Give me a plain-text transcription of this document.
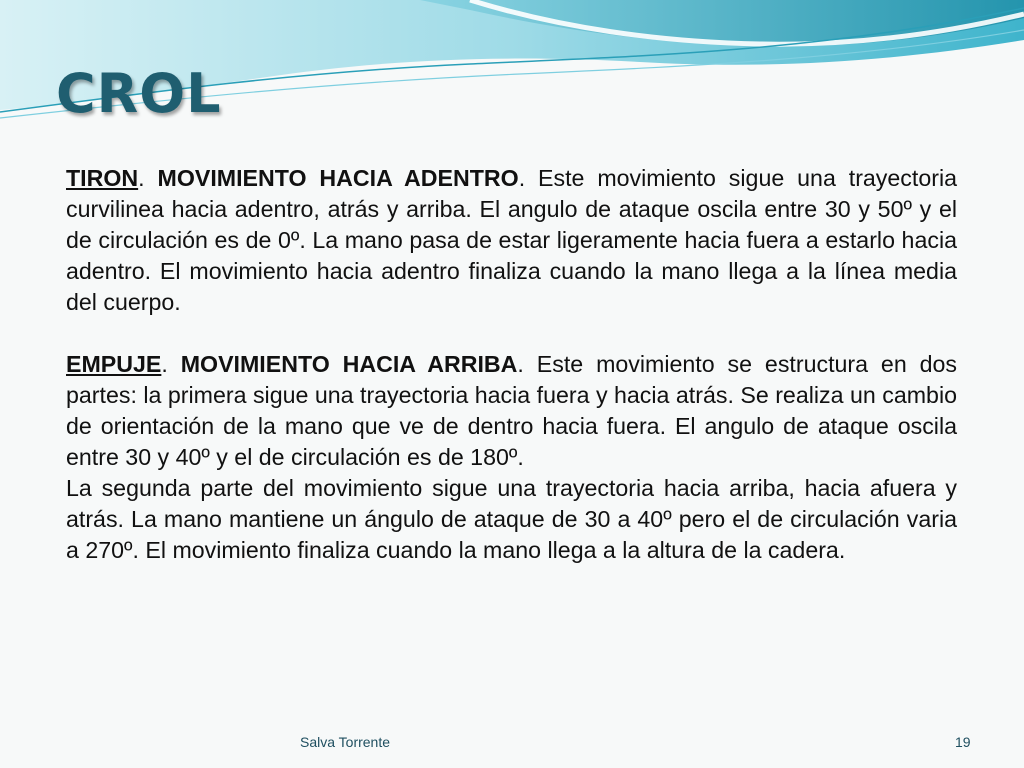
CROL

TIRON. MOVIMIENTO HACIA ADENTRO. Este movimiento sigue una trayectoria curvilinea hacia adentro, atrás y arriba. El angulo de ataque oscila entre 30 y 50º y el de circulación es de 0º. La mano pasa de estar ligeramente hacia fuera a estarlo hacia adentro. El movimiento hacia adentro finaliza cuando la mano llega a la línea media del cuerpo.

EMPUJE. MOVIMIENTO HACIA ARRIBA. Este movimiento se estructura en dos partes: la primera sigue una trayectoria hacia fuera y hacia atrás. Se realiza un cambio de orientación de la mano que ve de dentro hacia fuera. El angulo de ataque oscila entre 30 y 40º y el de circulación es de 180º.

La segunda parte del movimiento sigue una trayectoria hacia arriba, hacia afuera y atrás. La mano mantiene un ángulo de ataque de 30 a 40º pero el de circulación varia a 270º. El movimiento finaliza cuando la mano llega a la altura de la cadera.

Salva Torrente	19
